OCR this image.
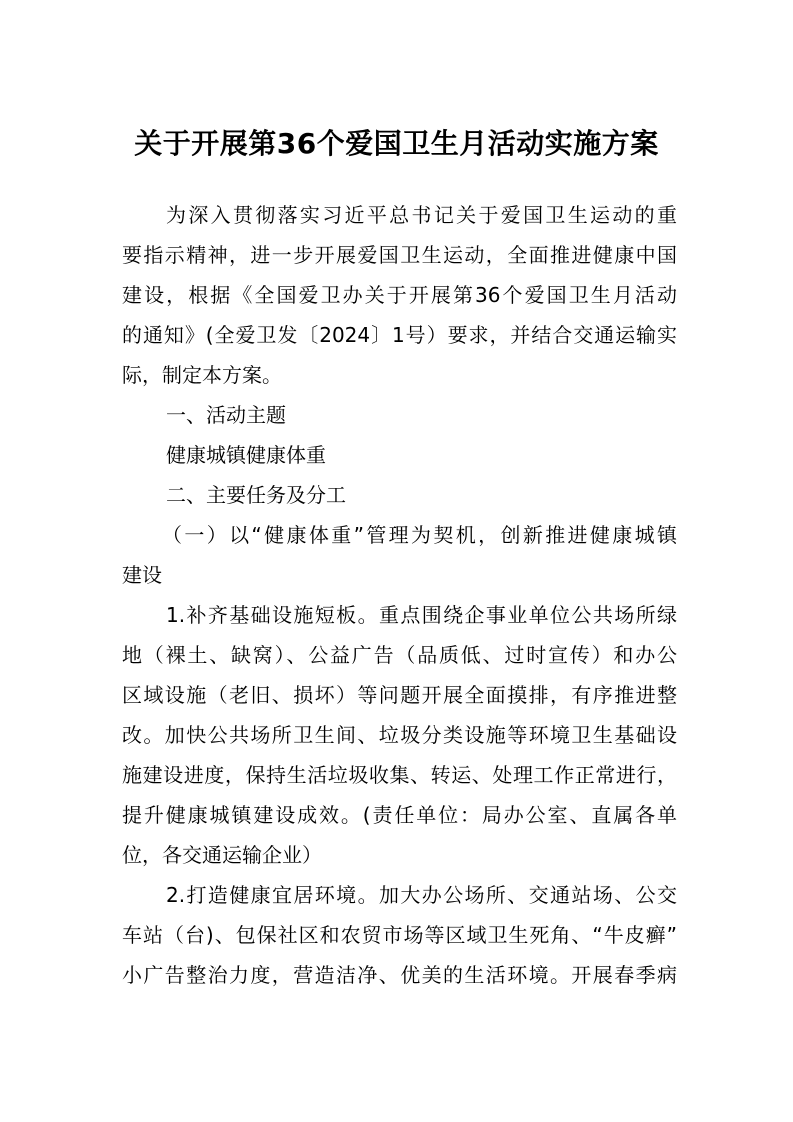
关于开展第36个爱国卫生月活动实施方案
为深入贯彻落实习近平总书记关于爱国卫生运动的重
要指示精神，进一步开展爱国卫生运动，全面推进健康中国
建设，根据《全国爱卫办关于开展第36个爱国卫生月活动
的通知》(全爱卫发〔2024〕1号）要求，并结合交通运输实
际，制定本方案。
一、活动主题
健康城镇健康体重
二、主要任务及分工
（一）以“健康体重”管理为契机，创新推进健康城镇
建设
1.补齐基础设施短板。重点围绕企事业单位公共场所绿
地（裸土、缺窝）、公益广告（品质低、过时宣传）和办公
区域设施（老旧、损坏）等问题开展全面摸排，有序推进整
改。加快公共场所卫生间、垃圾分类设施等环境卫生基础设
施建设进度，保持生活垃圾收集、转运、处理工作正常进行，
提升健康城镇建设成效。(责任单位：局办公室、直属各单
位，各交通运输企业）
2.打造健康宜居环境。加大办公场所、交通站场、公交
车站（台)、包保社区和农贸市场等区域卫生死角、“牛皮癣”
小广告整治力度，营造洁净、优美的生活环境。开展春季病
